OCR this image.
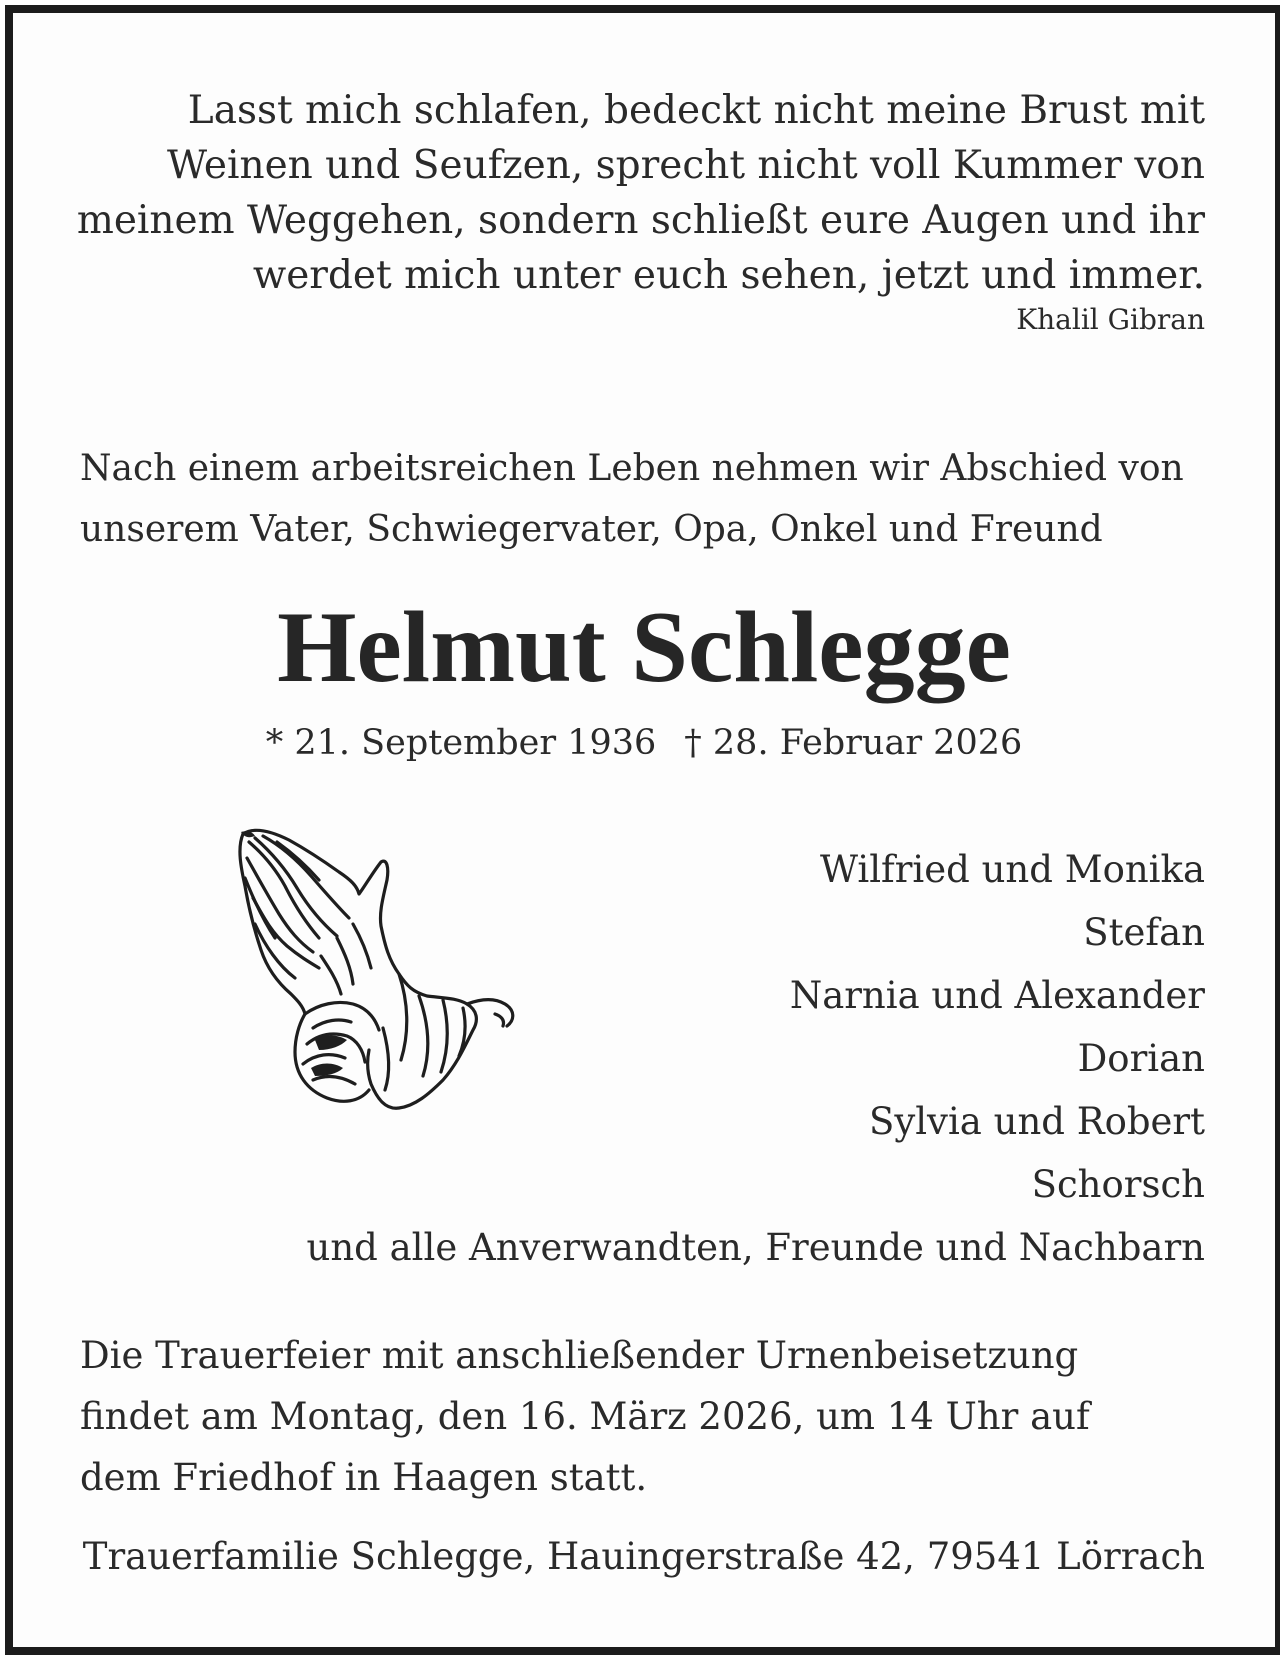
Lasst mich schlafen, bedeckt nicht meine Brust mit
Weinen und Seufzen, sprecht nicht voll Kummer von
meinem Weggehen, sondern schließt eure Augen und ihr
werdet mich unter euch sehen, jetzt und immer.
Khalil Gibran
Nach einem arbeitsreichen Leben nehmen wir Abschied von
unserem Vater, Schwiegervater, Opa, Onkel und Freund
Helmut Schlegge
* 21. September 1936 † 28. Februar 2026
Wilfried und Monika
Stefan
Narnia und Alexander
Dorian
Sylvia und Robert
Schorsch
und alle Anverwandten, Freunde und Nachbarn
Die Trauerfeier mit anschließender Urnenbeisetzung
findet am Montag, den 16. März 2026, um 14 Uhr auf
dem Friedhof in Haagen statt.
Trauerfamilie Schlegge, Hauingerstraße 42, 79541 Lörrach
